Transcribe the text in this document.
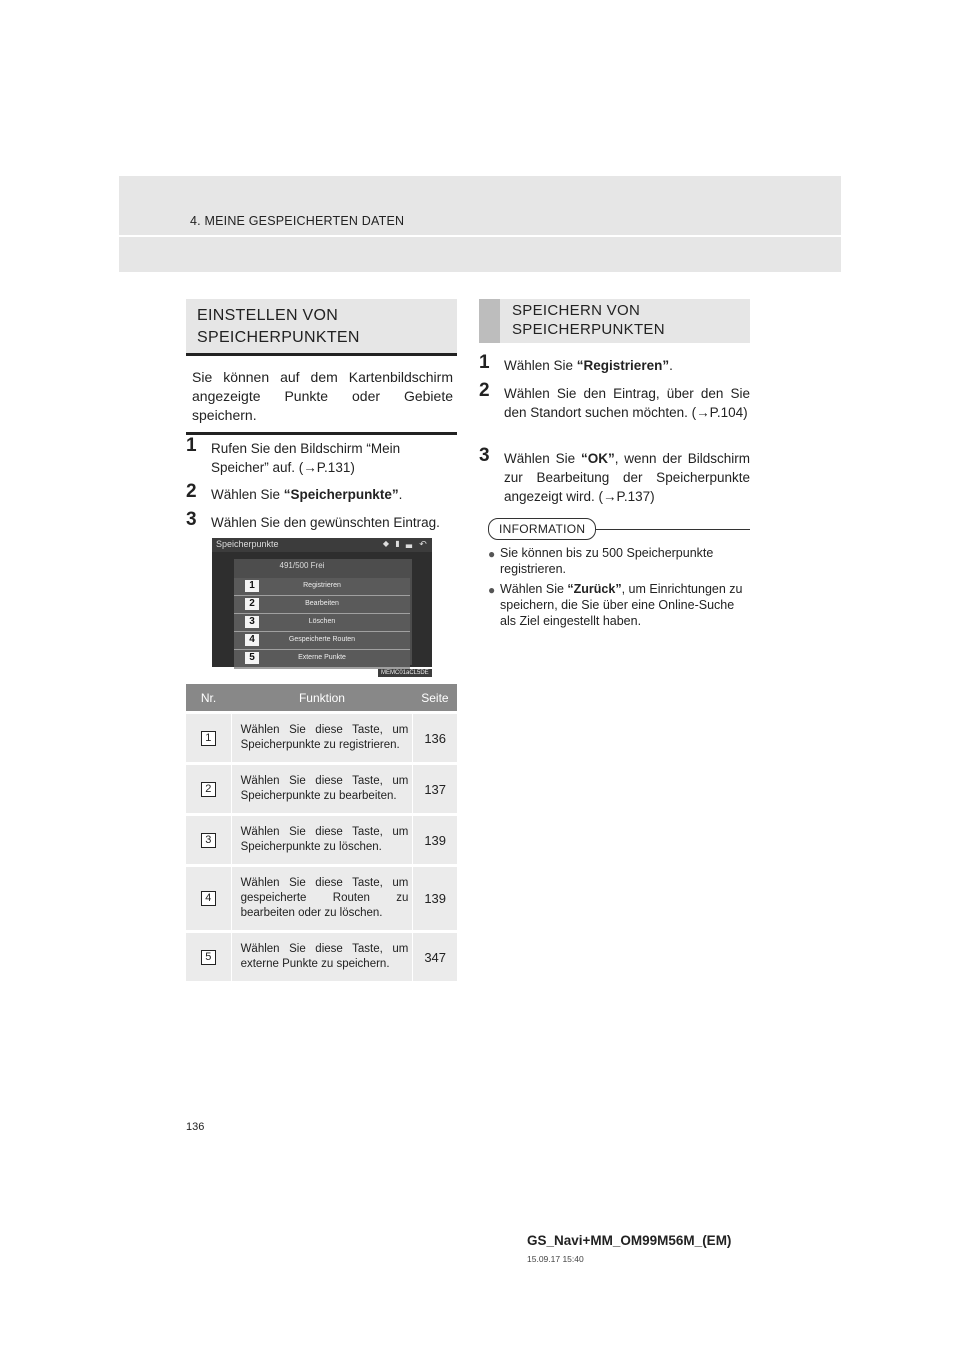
4. MEINE GESPEICHERTEN DATEN
EINSTELLEN VON
SPEICHERPUNKTEN

Sie können auf dem Kartenbildschirm angezeigte Punkte oder Gebiete speichern.

1 Rufen Sie den Bildschirm “Mein Speicher” auf. (→P.131)
2 Wählen Sie “Speicherpunkte”.
3 Wählen Sie den gewünschten Eintrag.
Speicherpunkte	◆ ▮ ▃ ↶
491/500 Frei
Registrieren
Bearbeiten
Löschen
Gespeicherte Routen
Externe Punkte
1
2
3
4
5
MEMC01aCL5DE
Nr.	Funktion	Seite
1	Wählen Sie diese Taste, um Speicherpunkte zu registrieren.	136
2	Wählen Sie diese Taste, um Speicherpunkte zu bearbeiten.	137
3	Wählen Sie diese Taste, um Speicherpunkte zu löschen.	139
4	Wählen Sie diese Taste, um gespeicherte Routen zu bearbeiten oder zu löschen.	139
5	Wählen Sie diese Taste, um externe Punkte zu speichern.	347
SPEICHERN VON
SPEICHERPUNKTEN
1 Wählen Sie “Registrieren”.
2 Wählen Sie den Eintrag, über den Sie den Standort suchen möchten. (→P.104)
3 Wählen Sie “OK”, wenn der Bildschirm zur Bearbeitung der Speicherpunkte angezeigt wird. (→P.137)
INFORMATION
● Sie können bis zu 500 Speicherpunkte registrieren.
● Wählen Sie “Zurück”, um Einrichtungen zu speichern, die Sie über eine Online-Suche als Ziel eingestellt haben.
136
GS_Navi+MM_OM99M56M_(EM)
15.09.17 15:40
